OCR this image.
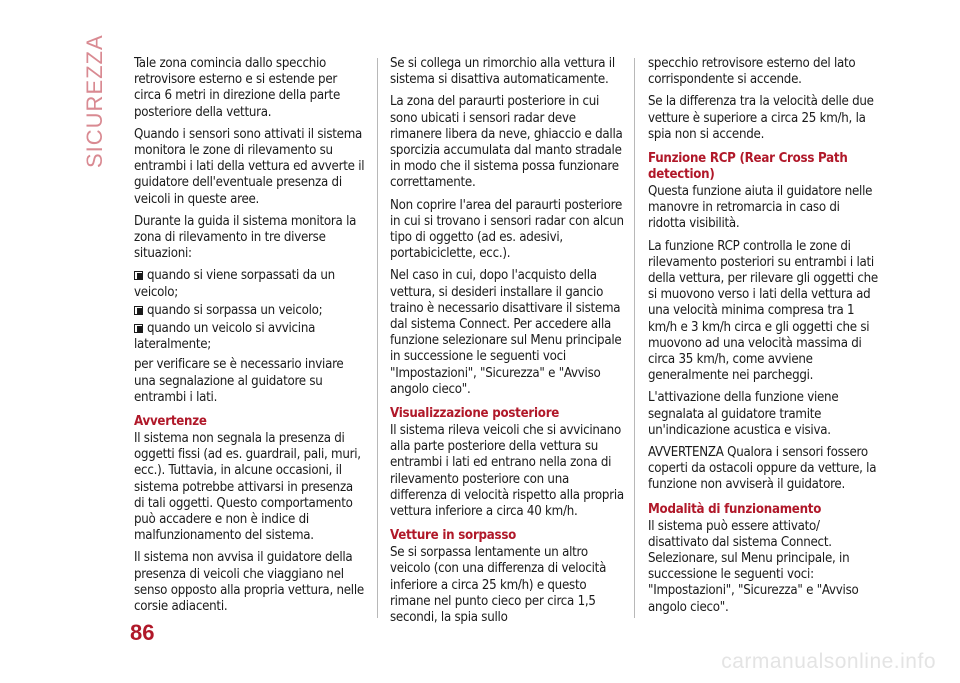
SICUREZZA Tale zona comincia dallo specchio retrovisore esterno e si estende per circa 6 metri in direzione della parte posteriore della vettura.

Quando i sensori sono attivati il sistema monitora le zone di rilevamento su entrambi i lati della vettura ed avverte il guidatore dell'eventuale presenza di veicoli in queste aree.

Durante la guida il sistema monitora la zona di rilevamento in tre diverse situazioni:

quando si viene sorpassati da un veicolo;

quando si sorpassa un veicolo;

quando un veicolo si avvicina lateralmente;

per verificare se è necessario inviare una segnalazione al guidatore su entrambi i lati.

Avvertenze

Il sistema non segnala la presenza di oggetti fissi (ad es. guardrail, pali, muri, ecc.). Tuttavia, in alcune occasioni, il sistema potrebbe attivarsi in presenza di tali oggetti. Questo comportamento può accadere e non è indice di malfunzionamento del sistema.

Il sistema non avvisa il guidatore della presenza di veicoli che viaggiano nel senso opposto alla propria vettura, nelle corsie adiacenti.

Se si collega un rimorchio alla vettura il sistema si disattiva automaticamente.

La zona del paraurti posteriore in cui sono ubicati i sensori radar deve rimanere libera da neve, ghiaccio e dalla sporcizia accumulata dal manto stradale in modo che il sistema possa funzionare correttamente.

Non coprire l'area del paraurti posteriore in cui si trovano i sensori radar con alcun tipo di oggetto (ad es. adesivi, portabiciclette, ecc.).

Nel caso in cui, dopo l'acquisto della vettura, si desideri installare il gancio traino è necessario disattivare il sistema dal sistema Connect. Per accedere alla funzione selezionare sul Menu principale in successione le seguenti voci "Impostazioni", "Sicurezza" e "Avviso angolo cieco".

Visualizzazione posteriore

Il sistema rileva veicoli che si avvicinano alla parte posteriore della vettura su entrambi i lati ed entrano nella zona di rilevamento posteriore con una differenza di velocità rispetto alla propria vettura inferiore a circa 40 km/h.

Vetture in sorpasso

Se si sorpassa lentamente un altro veicolo (con una differenza di velocità inferiore a circa 25 km/h) e questo rimane nel punto cieco per circa 1,5 secondi, la spia sullo

specchio retrovisore esterno del lato corrispondente si accende.

Se la differenza tra la velocità delle due vetture è superiore a circa 25 km/h, la spia non si accende.

Funzione RCP (Rear Cross Path detection)

Questa funzione aiuta il guidatore nelle manovre in retromarcia in caso di ridotta visibilità.

La funzione RCP controlla le zone di rilevamento posteriori su entrambi i lati della vettura, per rilevare gli oggetti che si muovono verso i lati della vettura ad una velocità minima compresa tra 1 km/h e 3 km/h circa e gli oggetti che si muovono ad una velocità massima di circa 35 km/h, come avviene generalmente nei parcheggi.

L'attivazione della funzione viene segnalata al guidatore tramite un'indicazione acustica e visiva.

AVVERTENZA Qualora i sensori fossero coperti da ostacoli oppure da vetture, la funzione non avviserà il guidatore.

Modalità di funzionamento

Il sistema può essere attivato/ disattivato dal sistema Connect. Selezionare, sul Menu principale, in successione le seguenti voci: "Impostazioni", "Sicurezza" e "Avviso angolo cieco".

86
carmanualsonline.info
